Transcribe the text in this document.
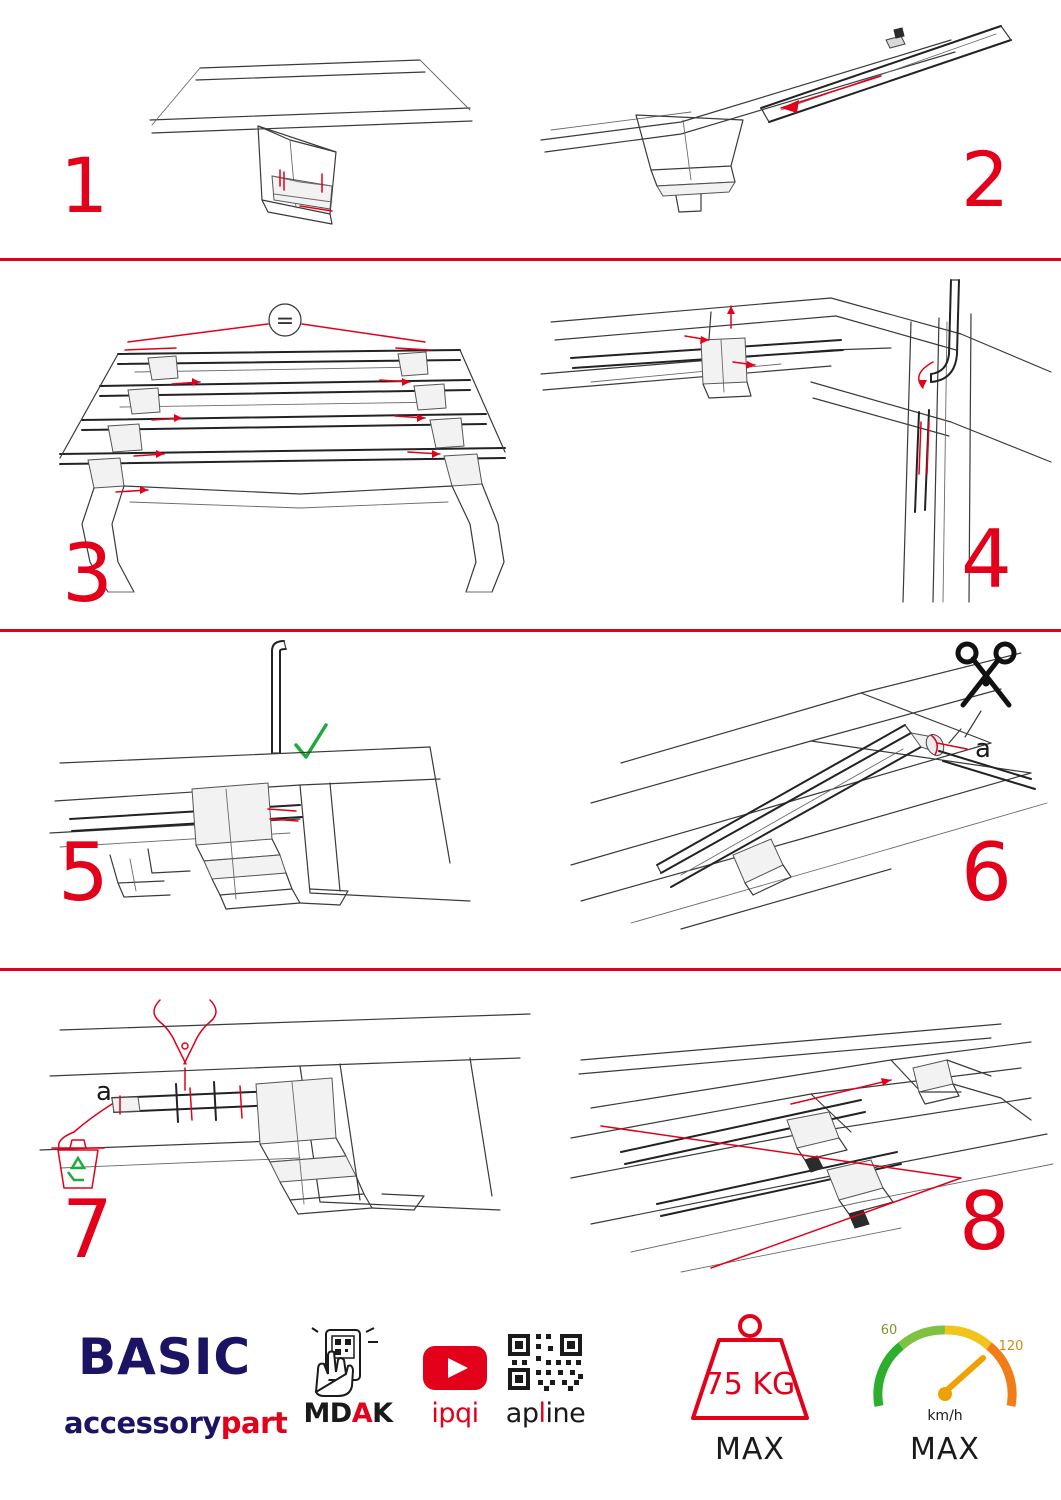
1	2
=
3	4
5
a
6
a
7	8
BASIC
accessorypart MDAK	ipqi	apline
75 KG
MAX
60
120
km/h
MAX
